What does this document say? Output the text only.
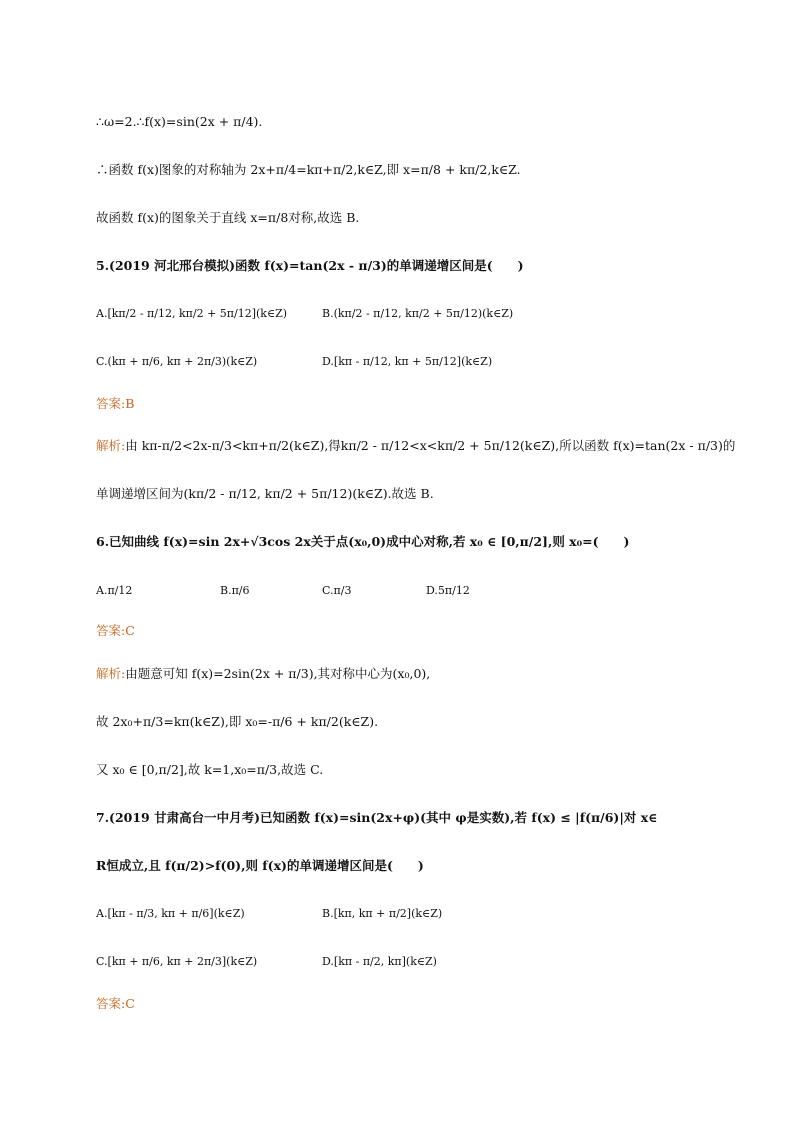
∴ω=2.∴f(x)=sin(2x + π/4).
∴函数 f(x)图象的对称轴为 2x+π/4=kπ+π/2,k∈Z,即 x=π/8 + kπ/2,k∈Z.
故函数 f(x)的图象关于直线 x=π/8对称,故选 B.
5.(2019 河北邢台模拟)函数 f(x)=tan(2x - π/3)的单调递增区间是(　　)
A.[kπ/2 - π/12, kπ/2 + 5π/12](k∈Z)	B.(kπ/2 - π/12, kπ/2 + 5π/12)(k∈Z)
C.(kπ + π/6, kπ + 2π/3)(k∈Z)	D.[kπ - π/12, kπ + 5π/12](k∈Z)
答案: B
解析: 由 kπ-π/2<2x-π/3<kπ+π/2(k∈Z),得kπ/2 - π/12<x<kπ/2 + 5π/12(k∈Z),所以函数 f(x)=tan(2x - π/3)的
单调递增区间为(kπ/2 - π/12, kπ/2 + 5π/12)(k∈Z).故选 B.
6.已知曲线 f(x)=sin 2x+√3cos 2x关于点(x₀,0)成中心对称,若 x₀ ∈ [0,π/2],则 x₀=(　　)
A.π/12	B.π/6	C.π/3	D.5π/12
答案: C
解析: 由题意可知 f(x)=2sin(2x + π/3),其对称中心为(x₀,0),
故 2x₀+π/3=kπ(k∈Z),即 x₀=-π/6 + kπ/2(k∈Z).
又 x₀ ∈ [0,π/2],故 k=1,x₀=π/3,故选 C.
7.(2019 甘肃高台一中月考)已知函数 f(x)=sin(2x+φ)(其中 φ是实数),若 f(x) ≤ |f(π/6)|对 x∈
R恒成立,且 f(π/2)>f(0),则 f(x)的单调递增区间是(　　)
A.[kπ - π/3, kπ + π/6](k∈Z)	B.[kπ, kπ + π/2](k∈Z)
C.[kπ + π/6, kπ + 2π/3](k∈Z)	D.[kπ - π/2, kπ](k∈Z)
答案: C
